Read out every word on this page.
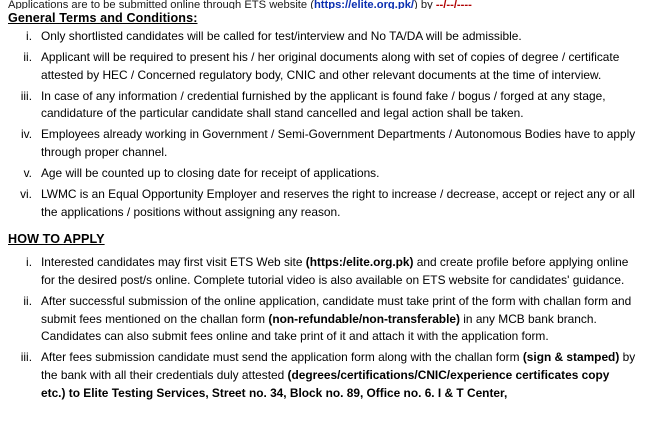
Applications are to be submitted online through ETS website (https://elite.org.pk/) by --/--/----
General Terms and Conditions:
i. Only shortlisted candidates will be called for test/interview and No TA/DA will be admissible.
ii. Applicant will be required to present his / her original documents along with set of copies of degree / certificate attested by HEC / Concerned regulatory body, CNIC and other relevant documents at the time of interview.
iii. In case of any information / credential furnished by the applicant is found fake / bogus / forged at any stage, candidature of the particular candidate shall stand cancelled and legal action shall be taken.
iv. Employees already working in Government / Semi-Government Departments / Autonomous Bodies have to apply through proper channel.
v. Age will be counted up to closing date for receipt of applications.
vi. LWMC is an Equal Opportunity Employer and reserves the right to increase / decrease, accept or reject any or all the applications / positions without assigning any reason.
HOW TO APPLY
i. Interested candidates may first visit ETS Web site (https:/elite.org.pk) and create profile before applying online for the desired post/s online. Complete tutorial video is also available on ETS website for candidates' guidance.
ii. After successful submission of the online application, candidate must take print of the form with challan form and submit fees mentioned on the challan form (non-refundable/non-transferable) in any MCB bank branch. Candidates can also submit fees online and take print of it and attach it with the application form.
iii. After fees submission candidate must send the application form along with the challan form (sign & stamped) by the bank with all their credentials duly attested (degrees/certifications/CNIC/experience certificates copy etc.) to Elite Testing Services, Street no. 34, Block no. 89, Office no. 6. I & T Center,
